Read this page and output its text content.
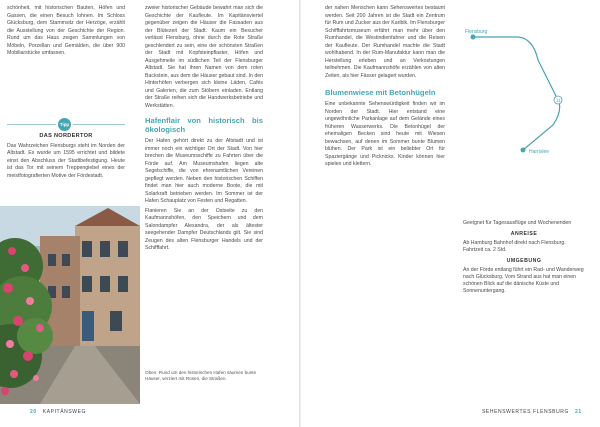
schönheit, mit historischen Bauten, Höfen und Gassen, die einen Besuch lohnen. Im Schloss Glücksburg, dem Stammsitz der Herzöge, erzählt die Ausstellung von der Geschichte der Region. Rund um das Haus zeigen Sammlungen von Möbeln, Porzellan und Gemälden, die über 900 Mobiliarstücke umfassen.

Tipp
DAS NORDERTOR

Das Wahrzeichen Flensburgs steht im Norden der Altstadt. Es wurde um 1595 errichtet und bildete einst den Abschluss der Stadtbefestigung. Heute ist das Tor mit seinem Treppengiebel eines der meistfotografierten Motive der Fördestadt.

zweier historischer Gebäude bewahrt man sich die Geschichte der Kaufleute. Im Kapitänsviertel gegenüber zeigen die Häuser die Fassaden aus der Blütezeit der Stadt. Kaum ein Besucher verlässt Flensburg, ohne durch die Rote Straße geschlendert zu sein, eine der schönsten Straßen der Stadt mit Kopfsteinpflaster, Höfen und Ausgehmeile im südlichen Teil der Flensburger Altstadt. Sie hat ihren Namen von dem roten Backstein, aus dem die Häuser gebaut sind. In den Hinterhöfen verbergen sich kleine Läden, Cafés und Galerien, die zum Stöbern einladen. Entlang der Straße reihen sich die Handwerksbetriebe und Werkstätten.

Hafenflair von historisch bis ökologisch

Der Hafen gehört direkt zu der Altstadt und ist immer noch ein wichtiger Ort der Stadt. Von hier brechen die Museumsschiffe zu Fahrten über die Förde auf. Am Museumshafen liegen alte Segelschiffe, die von ehrenamtlichen Vereinen gepflegt werden. Neben den historischen Schiffen findet man hier auch moderne Boote, die mit Solarkraft betrieben werden. Im Sommer ist der Hafen Schauplatz von Festen und Regatten.

Flanieren Sie an der Ostseite zu den Kaufmannshöfen, den Speichern und dem Salondampfer Alexandra, der als ältester seegehender Dampfer Deutschlands gilt. Sie sind Zeugen des alten Flensburger Handels und der Schifffahrt.

Oben: Rund um den historischen Hafen säumen bunte Häuser, verziert mit Rosen, die Straßen.
20 KAPITÄNSWEG

der nahen Menschen kann Sehenswertes bestaunt werden. Seit 200 Jahren ist die Stadt ein Zentrum für Rum und Zucker aus der Karibik. Im Flensburger Schifffahrtsmuseum erfährt man mehr über den Rumhandel, die Westindienfahrer und die Reisen der Kaufleute. Der Rumhandel machte die Stadt wohlhabend. In der Rum-Manufaktur kann man die Herstellung erleben und an Verkostungen teilnehmen. Die Kaufmannshöfe erzählen von alten Zeiten, als hier Fässer gelagert wurden.

Blumenwiese mit Betonhügeln

Eine unbekannte Sehenswürdigkeit finden wir im Norden der Stadt. Hier entstand eine ungewöhnliche Parkanlage auf dem Gelände eines früheren Wasserwerks. Die Betonhügel der ehemaligen Becken sind heute mit Wiesen bewachsen, auf denen im Sommer bunte Blumen blühen. Der Park ist ein beliebter Ort für Spaziergänge und Picknicks. Kinder können hier spielen und klettern.

11
Flensburg
Harrislee

Geeignet für Tagesausflüge und Wochenenden

ANREISE

Ab Hamburg Bahnhof direkt nach Flensburg. Fahrtzeit ca. 2 Std.

UMGEBUNG

An der Förde entlang führt ein Rad- und Wanderweg nach Glücksburg. Vom Strand aus hat man einen schönen Blick auf die dänische Küste und Sonnenuntergang.

SEHENSWERTES FLENSBURG 21
